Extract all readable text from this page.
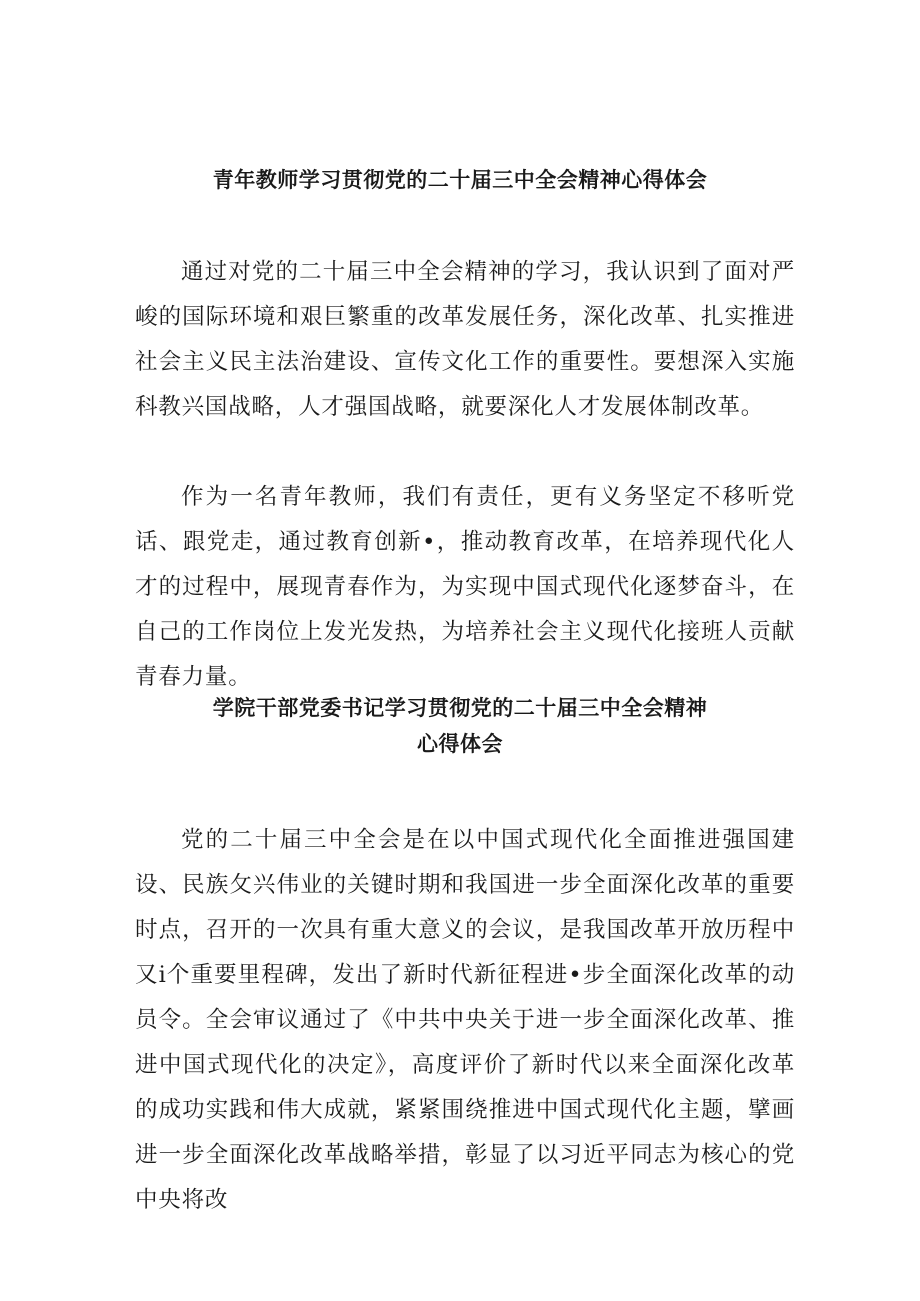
青年教师学习贯彻党的二十届三中全会精神心得体会

通过对党的二十届三中全会精神的学习，我认识到了面对严峻的国际环境和艰巨繁重的改革发展任务，深化改革、扎实推进社会主义民主法治建设、宣传文化工作的重要性。要想深入实施科教兴国战略，人才强国战略，就要深化人才发展体制改革。

作为一名青年教师，我们有责任，更有义务坚定不移听党话、跟党走，通过教育创新•，推动教育改革，在培养现代化人才的过程中，展现青春作为，为实现中国式现代化逐梦奋斗，在自己的工作岗位上发光发热，为培养社会主义现代化接班人贡献青春力量。

学院干部党委书记学习贯彻党的二十届三中全会精神
心得体会

党的二十届三中全会是在以中国式现代化全面推进强国建设、民族攵兴伟业的关键时期和我国进一步全面深化改革的重要时点，召开的一次具有重大意义的会议，是我国改革开放历程中又i个重要里程碑，发出了新时代新征程进•步全面深化改革的动员令。全会审议通过了《中共中央关于进一步全面深化改革、推进中国式现代化的决定》，高度评价了新时代以来全面深化改革的成功实践和伟大成就，紧紧围绕推进中国式现代化主题，擘画进一步全面深化改革战略举措，彰显了以习近平同志为核心的党中央将改
